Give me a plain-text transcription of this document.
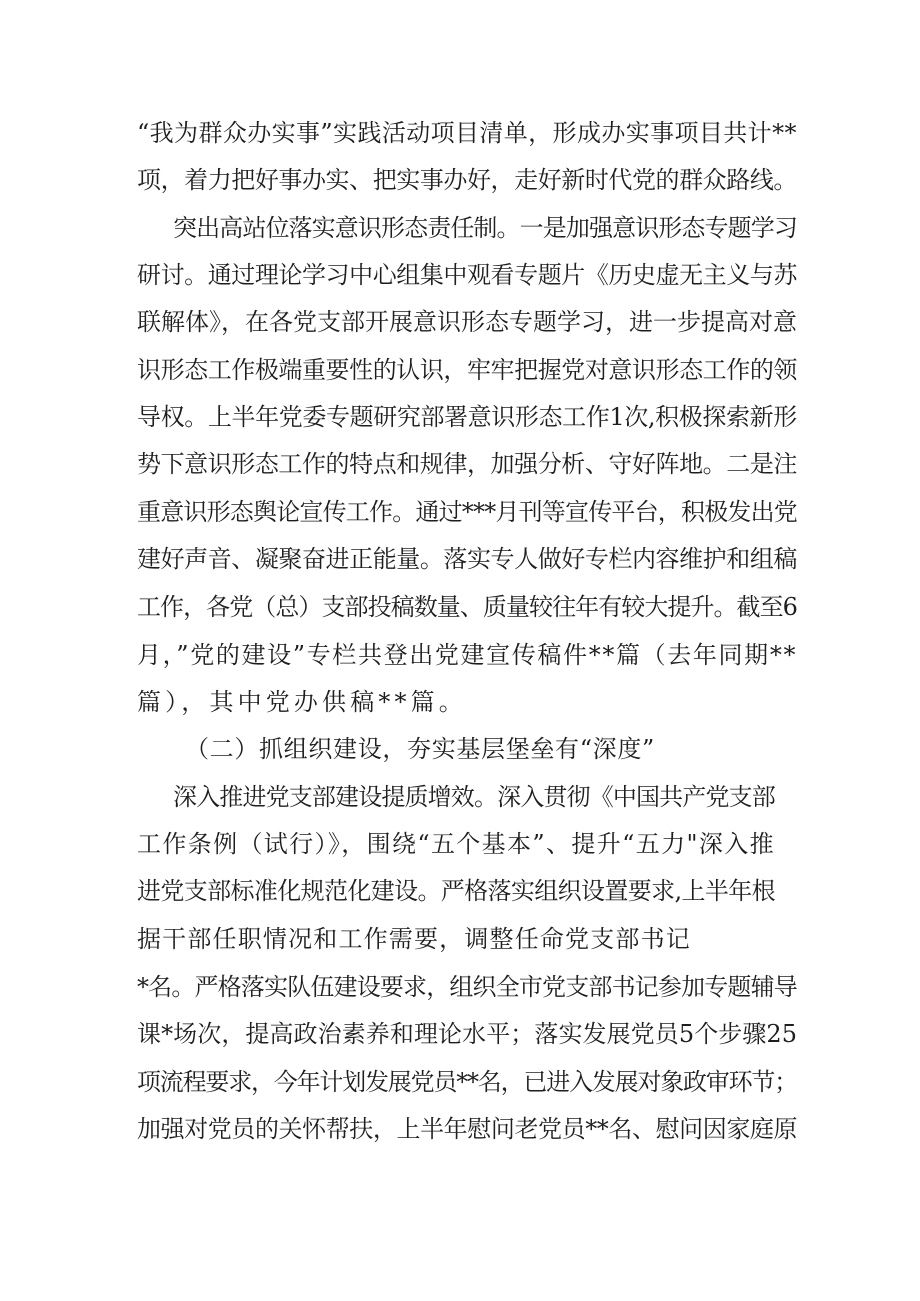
“我为群众办实事”实践活动项目清单，形成办实事项目共计**
项，着力把好事办实、把实事办好，走好新时代党的群众路线。
突出高站位落实意识形态责任制。一是加强意识形态专题学习
研讨。通过理论学习中心组集中观看专题片《历史虚无主义与苏
联解体》，在各党支部开展意识形态专题学习，进一步提高对意
识形态工作极端重要性的认识，牢牢把握党对意识形态工作的领
导权。上半年党委专题研究部署意识形态工作1次,积极探索新形
势下意识形态工作的特点和规律，加强分析、守好阵地。二是注
重意识形态舆论宣传工作。通过***月刊等宣传平台，积极发出党
建好声音、凝聚奋进正能量。落实专人做好专栏内容维护和组稿
工作，各党（总）支部投稿数量、质量较往年有较大提升。截至6
月，”党的建设”专栏共登出党建宣传稿件**篇（去年同期**
篇），其中党办供稿**篇。
（二）抓组织建设，夯实基层堡垒有“深度”
深入推进党支部建设提质增效。深入贯彻《中国共产党支部
工作条例（试行）》，围绕“五个基本”、提升“五力"深入推
进党支部标准化规范化建设。严格落实组织设置要求,上半年根
据干部任职情况和工作需要，调整任命党支部书记
*名。严格落实队伍建设要求，组织全市党支部书记参加专题辅导
课*场次，提高政治素养和理论水平；落实发展党员5个步骤25
项流程要求，今年计划发展党员**名，已进入发展对象政审环节；
加强对党员的关怀帮扶，上半年慰问老党员**名、慰问因家庭原
